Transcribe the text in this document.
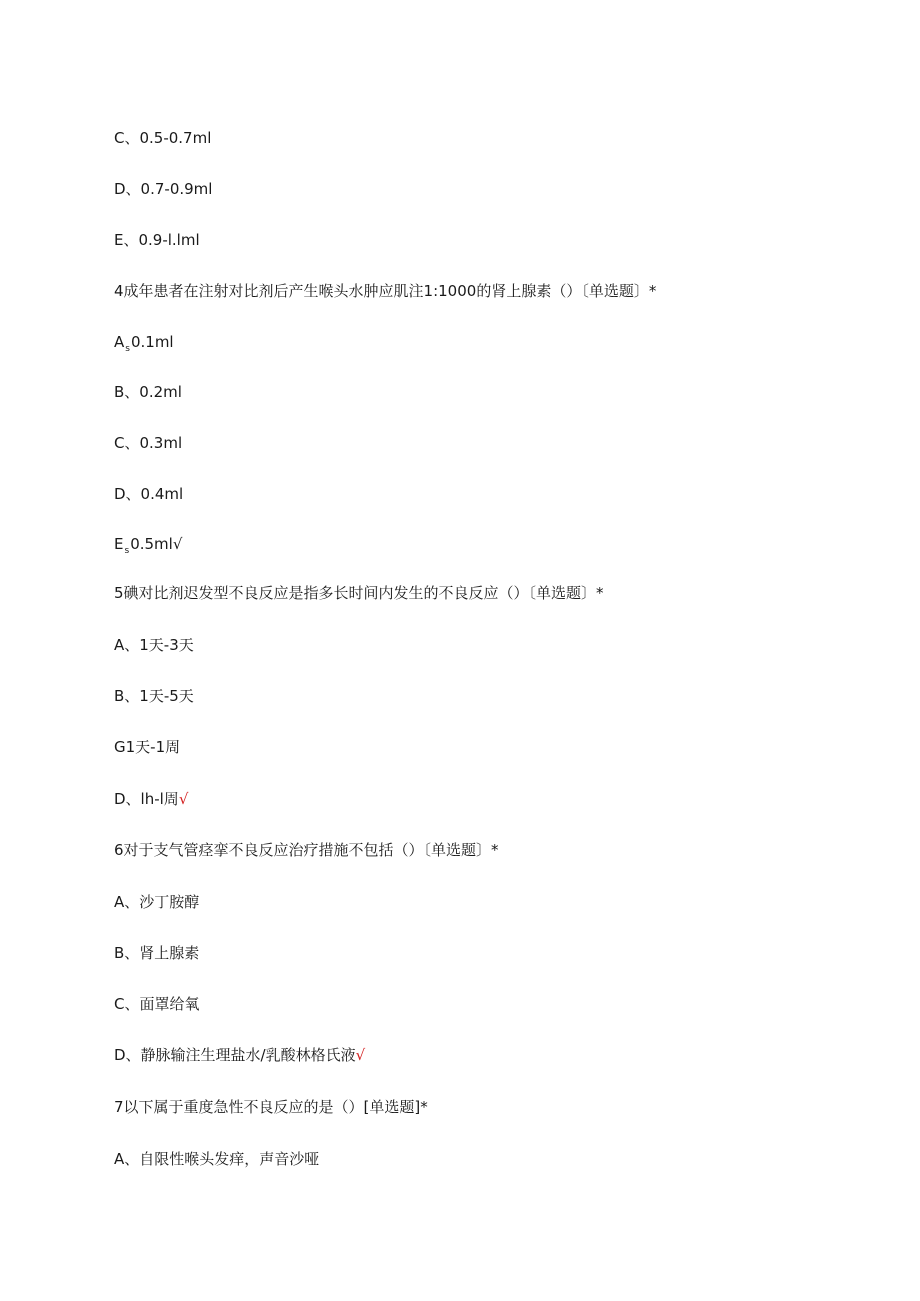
C、0.5-0.7ml
D、0.7-0.9ml
E、0.9-l.lml
4成年患者在注射对比剂后产生喉头水肿应肌注1:1000的肾上腺素（）〔单选题〕*
$A_s0.1ml$
B、0.2ml
C、0.3ml
D、0.4ml
$E_s0.5ml√$
5碘对比剂迟发型不良反应是指多长时间内发生的不良反应（）〔单选题〕*
A、1天-3天
B、1天-5天
G1天-1周
D、lh-l周√
6对于支气管痉挛不良反应治疗措施不包括（）〔单选题〕*
A、沙丁胺醇
B、肾上腺素
C、面罩给氧
D、静脉输注生理盐水/乳酸林格氏液√
7以下属于重度急性不良反应的是（）[单选题]*
A、自限性喉头发痒，声音沙哑
